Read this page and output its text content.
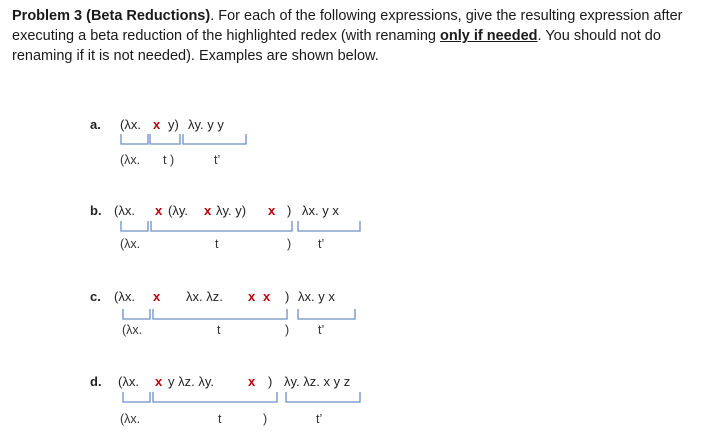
Problem 3 (Beta Reductions). For each of the following expressions, give the resulting expression after executing a beta reduction of the highlighted redex (with renaming only if needed. You should not do renaming if it is not needed). Examples are shown below.
a. (λx. x y) λy. y y
(λx. t )	t’
b. (λx. x (λy. x λy. y) x ) λx. y x
(λx.	t	) t’
c. (λx. x λx. λz. x x ) λx. y x
(λx.	t	) t’
d. (λx. x y λz. λy.	x ) λy. λz. x y z
(λx.	t	)	t’
